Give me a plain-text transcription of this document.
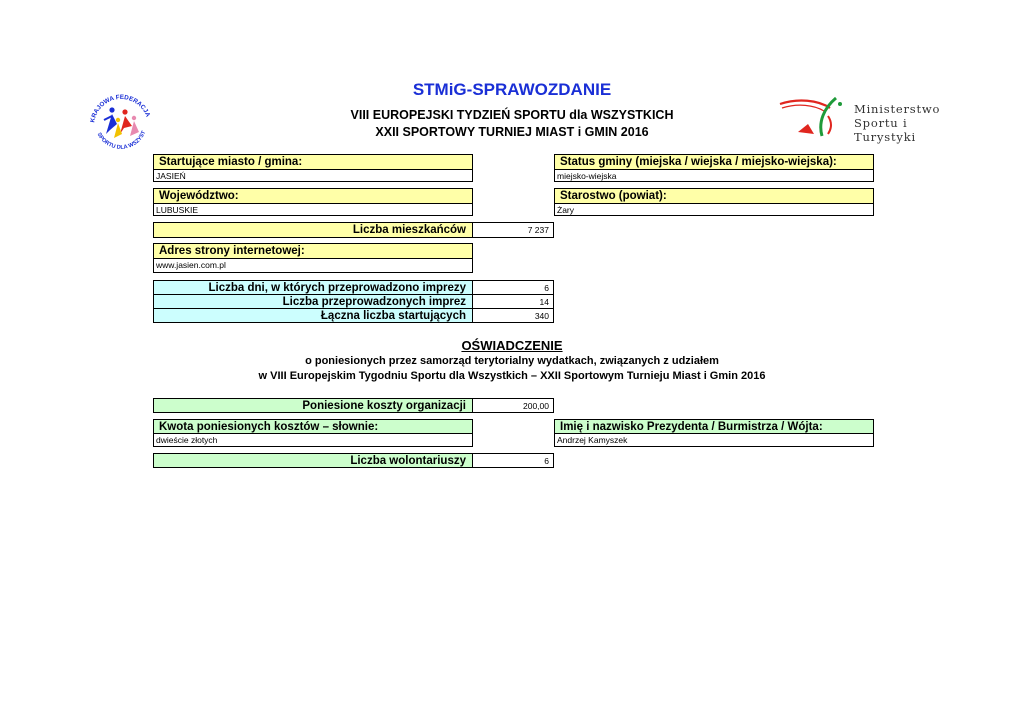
KRAJOWA FEDERACJA
SPORTU DLA WSZYST
Ministerstwo
Sportu i Turystyki
STMiG-SPRAWOZDANIE
VIII EUROPEJSKI TYDZIEŃ SPORTU dla WSZYSTKICH
XXII SPORTOWY TURNIEJ MIAST i GMIN 2016
Startujące miasto / gmina:
JASIEŃ
Status gminy (miejska / wiejska / miejsko-wiejska):
miejsko-wiejska
Województwo:
LUBUSKIE
Starostwo (powiat):
Żary
Liczba mieszkańców	7 237
Adres strony internetowej:
www.jasien.com.pl
Liczba dni, w których przeprowadzono imprezy	6
Liczba przeprowadzonych imprez	14
Łączna liczba startujących	340
OŚWIADCZENIE
o poniesionych przez samorząd terytorialny wydatkach, związanych z udziałem
w VIII Europejskim Tygodniu Sportu dla Wszystkich – XXII Sportowym Turnieju Miast i Gmin 2016
Poniesione koszty organizacji	200,00
Kwota poniesionych kosztów – słownie:
dwieście złotych
Imię i nazwisko Prezydenta / Burmistrza / Wójta:
Andrzej Kamyszek
Liczba wolontariuszy	6
